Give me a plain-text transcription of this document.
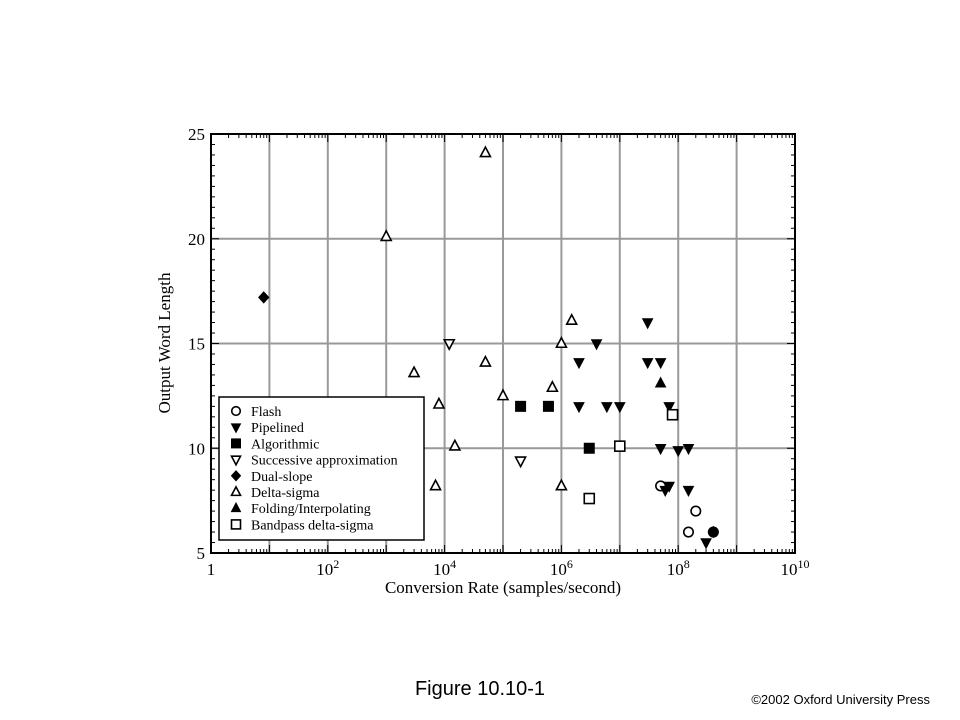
5
10
15
20
25
1	$10^2$	$10^4$	$10^6$	$10^8$	$10^{10}$
Flash
Pipelined
Algorithmic
Successive approximation
Dual-slope
Delta-sigma
Folding/Interpolating
Bandpass delta-sigma
Conversion Rate (samples/second)
Output Word Length
Figure 10.10-1	©2002 Oxford University Press
